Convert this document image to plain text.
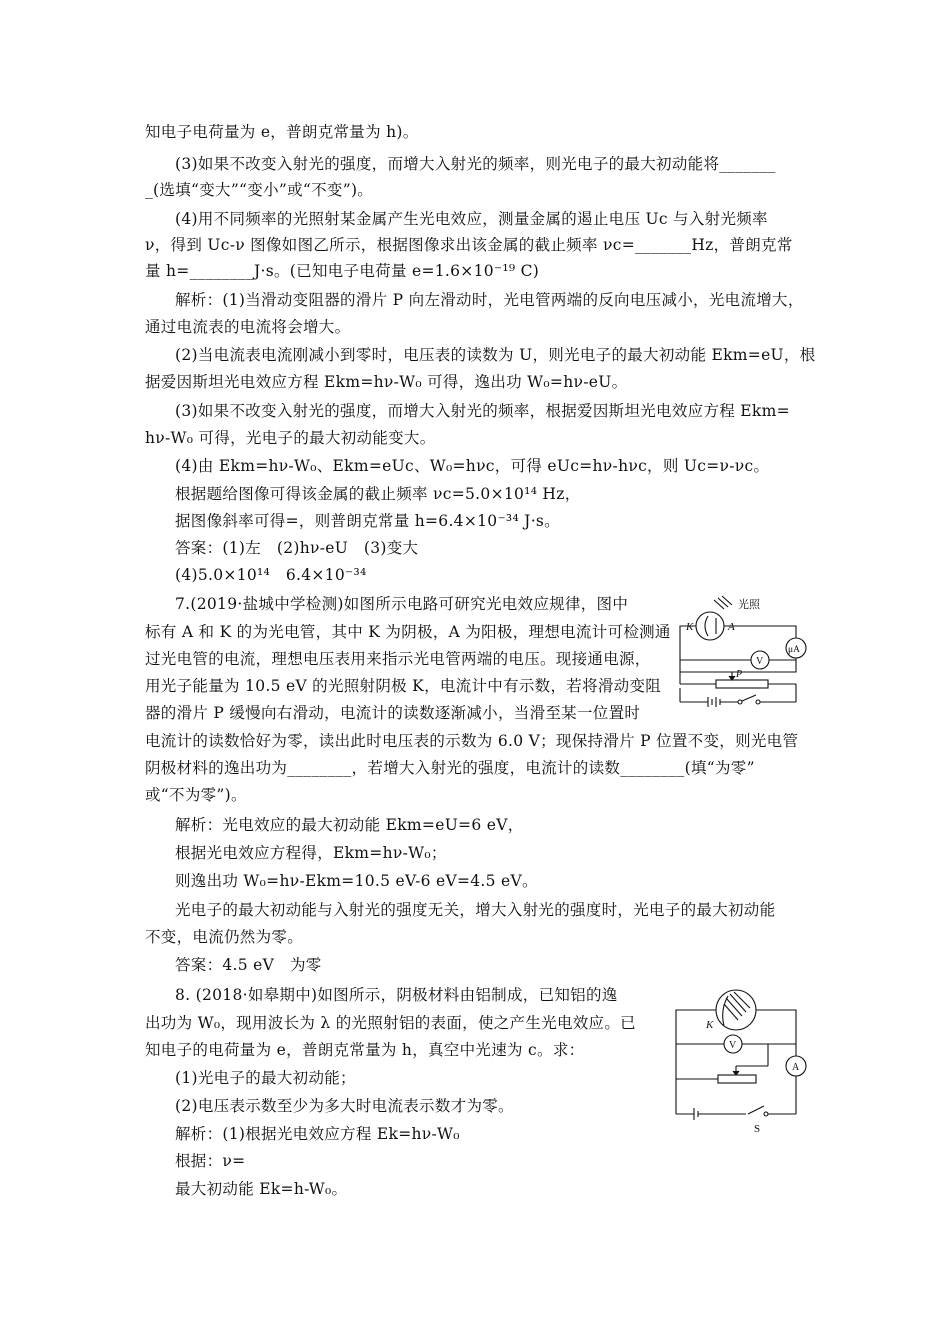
知电子电荷量为 e，普朗克常量为 h)。
(3)如果不改变入射光的强度，而增大入射光的频率，则光电子的最大初动能将_______
_(选填“变大”“变小”或“不变”)。
(4)用不同频率的光照射某金属产生光电效应，测量金属的遏止电压 Uc 与入射光频率
ν，得到 Uc-ν 图像如图乙所示，根据图像求出该金属的截止频率 νc=_______Hz，普朗克常
量 h=________J·s。(已知电子电荷量 e=1.6×10⁻¹⁹ C)
解析：(1)当滑动变阻器的滑片 P 向左滑动时，光电管两端的反向电压减小，光电流增大，
通过电流表的电流将会增大。
(2)当电流表电流刚减小到零时，电压表的读数为 U，则光电子的最大初动能 Ekm=eU，根
据爱因斯坦光电效应方程 Ekm=hν-W₀ 可得，逸出功 W₀=hν-eU。
(3)如果不改变入射光的强度，而增大入射光的频率，根据爱因斯坦光电效应方程 Ekm=
hν-W₀ 可得，光电子的最大初动能变大。
(4)由 Ekm=hν-W₀、Ekm=eUc、W₀=hνc，可得 eUc=hν-hνc，则 Uc=ν-νc。
根据题给图像可得该金属的截止频率 νc=5.0×10¹⁴ Hz，
据图像斜率可得=，则普朗克常量 h=6.4×10⁻³⁴ J·s。
答案：(1)左　(2)hν-eU　(3)变大
(4)5.0×10¹⁴　6.4×10⁻³⁴
7.(2019·盐城中学检测)如图所示电路可研究光电效应规律，图中
标有 A 和 K 的为光电管，其中 K 为阴极，A 为阳极，理想电流计可检测通
过光电管的电流，理想电压表用来指示光电管两端的电压。现接通电源，
用光子能量为 10.5 eV 的光照射阴极 K，电流计中有示数，若将滑动变阻
器的滑片 P 缓慢向右滑动，电流计的读数逐渐减小，当滑至某一位置时
电流计的读数恰好为零，读出此时电压表的示数为 6.0 V；现保持滑片 P 位置不变，则光电管
阴极材料的逸出功为________，若增大入射光的强度，电流计的读数________(填“为零”
或“不为零”)。
解析：光电效应的最大初动能 Ekm=eU=6 eV，
根据光电效应方程得，Ekm=hν-W₀；
则逸出功 W₀=hν-Ekm=10.5 eV-6 eV=4.5 eV。
光电子的最大初动能与入射光的强度无关，增大入射光的强度时，光电子的最大初动能
不变，电流仍然为零。
答案：4.5 eV　为零
8. (2018·如皋期中)如图所示，阴极材料由铝制成，已知铝的逸
出功为 W₀，现用波长为 λ 的光照射铝的表面，使之产生光电效应。已
知电子的电荷量为 e，普朗克常量为 h，真空中光速为 c。求：
(1)光电子的最大初动能；
(2)电压表示数至少为多大时电流表示数才为零。
解析：(1)根据光电效应方程 Ek=hν-W₀
根据：ν=
最大初动能 Ek=h-W₀。
光照
K	A
μA
V
P
K
V
A
S
